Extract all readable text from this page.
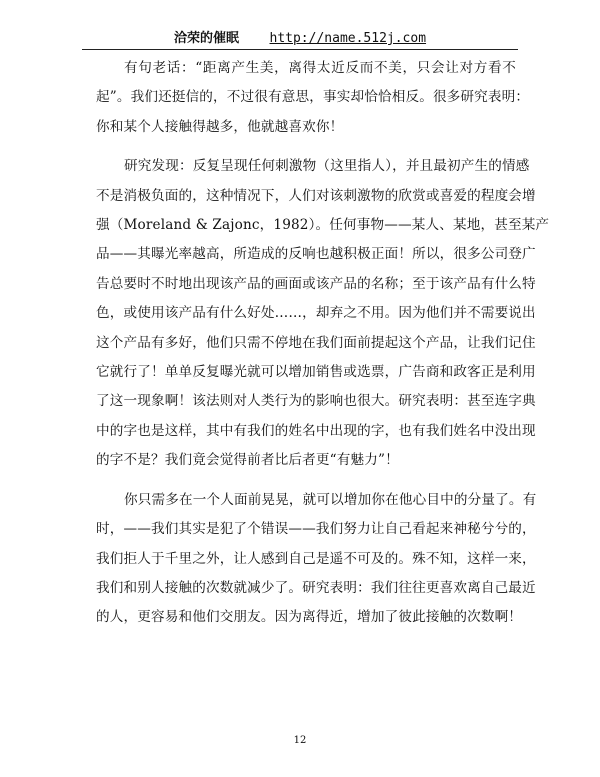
洽荣的催眠 http://name.512j.com
有句老话：“距离产生美，离得太近反而不美，只会让对方看不
起”。我们还挺信的，不过很有意思，事实却恰恰相反。很多研究表明：
你和某个人接触得越多，他就越喜欢你！
研究发现：反复呈现任何刺激物（这里指人），并且最初产生的情感
不是消极负面的，这种情况下，人们对该刺激物的欣赏或喜爱的程度会增
强（Moreland & Zajonc，1982）。任何事物——某人、某地，甚至某产
品——其曝光率越高，所造成的反响也越积极正面！所以，很多公司登广
告总要时不时地出现该产品的画面或该产品的名称；至于该产品有什么特
色，或使用该产品有什么好处……，却弃之不用。因为他们并不需要说出
这个产品有多好，他们只需不停地在我们面前提起这个产品，让我们记住
它就行了！单单反复曝光就可以增加销售或选票，广告商和政客正是利用
了这一现象啊！该法则对人类行为的影响也很大。研究表明：甚至连字典
中的字也是这样，其中有我们的姓名中出现的字，也有我们姓名中没出现
的字不是？我们竟会觉得前者比后者更“有魅力”！
你只需多在一个人面前晃晃，就可以增加你在他心目中的分量了。有
时，——我们其实是犯了个错误——我们努力让自己看起来神秘兮兮的，
我们拒人于千里之外，让人感到自己是遥不可及的。殊不知，这样一来，
我们和别人接触的次数就减少了。研究表明：我们往往更喜欢离自己最近
的人，更容易和他们交朋友。因为离得近，增加了彼此接触的次数啊！
12
